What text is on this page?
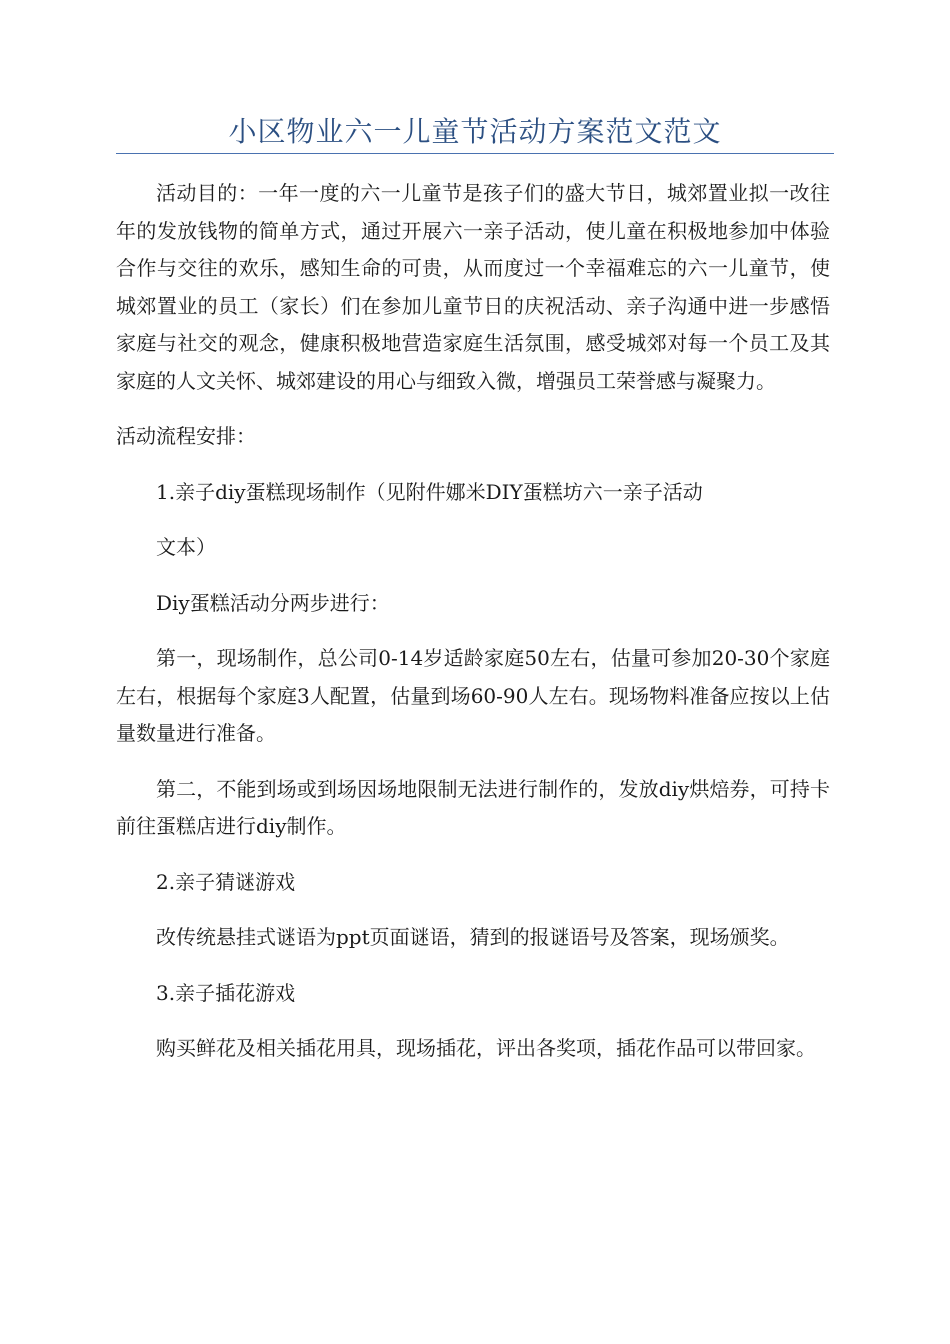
小区物业六一儿童节活动方案范文范文

活动目的：一年一度的六一儿童节是孩子们的盛大节日，城郊置业拟一改往年的发放钱物的简单方式，通过开展六一亲子活动，使儿童在积极地参加中体验合作与交往的欢乐，感知生命的可贵，从而度过一个幸福难忘的六一儿童节，使城郊置业的员工（家长）们在参加儿童节日的庆祝活动、亲子沟通中进一步感悟家庭与社交的观念，健康积极地营造家庭生活氛围，感受城郊对每一个员工及其家庭的人文关怀、城郊建设的用心与细致入微，增强员工荣誉感与凝聚力。

活动流程安排：

1.亲子diy蛋糕现场制作（见附件娜米DIY蛋糕坊六一亲子活动

文本）

Diy蛋糕活动分两步进行：

第一，现场制作，总公司0-14岁适龄家庭50左右，估量可参加20-30个家庭左右，根据每个家庭3人配置，估量到场60-90人左右。现场物料准备应按以上估量数量进行准备。

第二，不能到场或到场因场地限制无法进行制作的，发放diy烘焙券，可持卡前往蛋糕店进行diy制作。

2.亲子猜谜游戏

改传统悬挂式谜语为ppt页面谜语，猜到的报谜语号及答案，现场颁奖。

3.亲子插花游戏

购买鲜花及相关插花用具，现场插花，评出各奖项，插花作品可以带回家。
